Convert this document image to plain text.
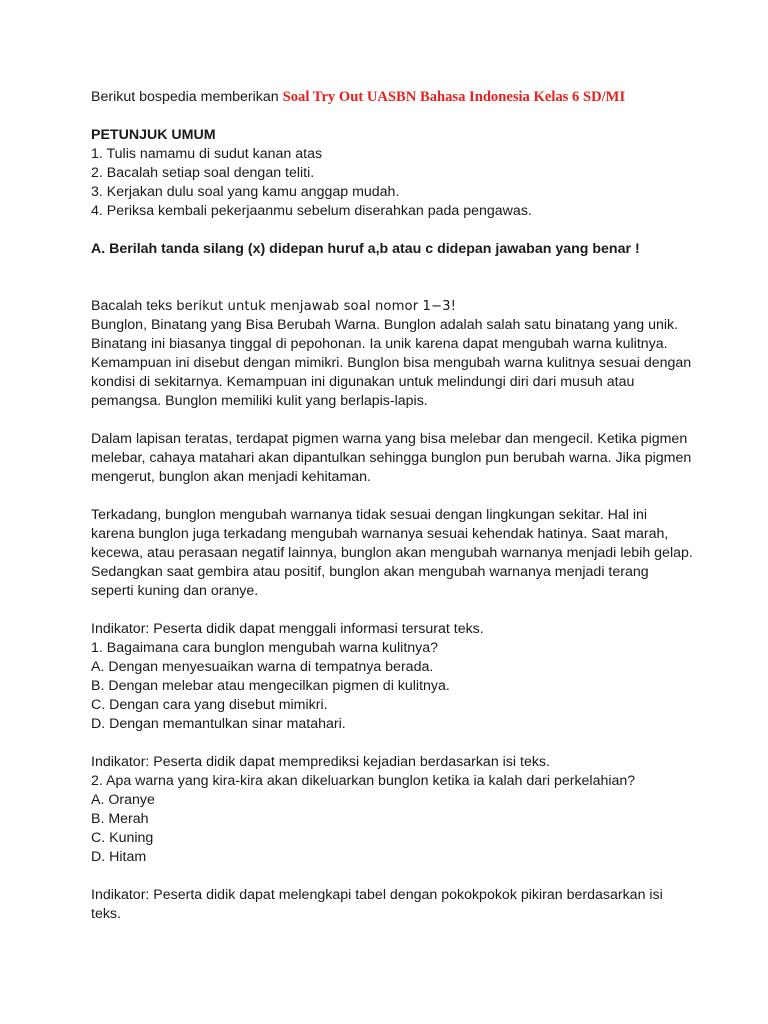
Berikut bospedia memberikan Soal Try Out UASBN Bahasa Indonesia Kelas 6 SD/MI

PETUNJUK UMUM

1. Tulis namamu di sudut kanan atas

2. Bacalah setiap soal dengan teliti.

3. Kerjakan dulu soal yang kamu anggap mudah.

4. Periksa kembali pekerjaanmu sebelum diserahkan pada pengawas.

A. Berilah tanda silang (x) didepan huruf a,b atau c didepan jawaban yang benar !

Bacalah teks berikut untuk menjawab soal nomor 1−3!

Bunglon, Binatang yang Bisa Berubah Warna. Bunglon adalah salah satu binatang yang unik.

Binatang ini biasanya tinggal di pepohonan. Ia unik karena dapat mengubah warna kulitnya.

Kemampuan ini disebut dengan mimikri. Bunglon bisa mengubah warna kulitnya sesuai dengan

kondisi di sekitarnya. Kemampuan ini digunakan untuk melindungi diri dari musuh atau

pemangsa. Bunglon memiliki kulit yang berlapis-lapis.

Dalam lapisan teratas, terdapat pigmen warna yang bisa melebar dan mengecil. Ketika pigmen

melebar, cahaya matahari akan dipantulkan sehingga bunglon pun berubah warna. Jika pigmen

mengerut, bunglon akan menjadi kehitaman.

Terkadang, bunglon mengubah warnanya tidak sesuai dengan lingkungan sekitar. Hal ini

karena bunglon juga terkadang mengubah warnanya sesuai kehendak hatinya. Saat marah,

kecewa, atau perasaan negatif lainnya, bunglon akan mengubah warnanya menjadi lebih gelap.

Sedangkan saat gembira atau positif, bunglon akan mengubah warnanya menjadi terang

seperti kuning dan oranye.

Indikator: Peserta didik dapat menggali informasi tersurat teks.

1. Bagaimana cara bunglon mengubah warna kulitnya?

A. Dengan menyesuaikan warna di tempatnya berada.

B. Dengan melebar atau mengecilkan pigmen di kulitnya.

C. Dengan cara yang disebut mimikri.

D. Dengan memantulkan sinar matahari.

Indikator: Peserta didik dapat memprediksi kejadian berdasarkan isi teks.

2. Apa warna yang kira-kira akan dikeluarkan bunglon ketika ia kalah dari perkelahian?

A. Oranye

B. Merah

C. Kuning

D. Hitam

Indikator: Peserta didik dapat melengkapi tabel dengan pokokpokok pikiran berdasarkan isi

teks.
